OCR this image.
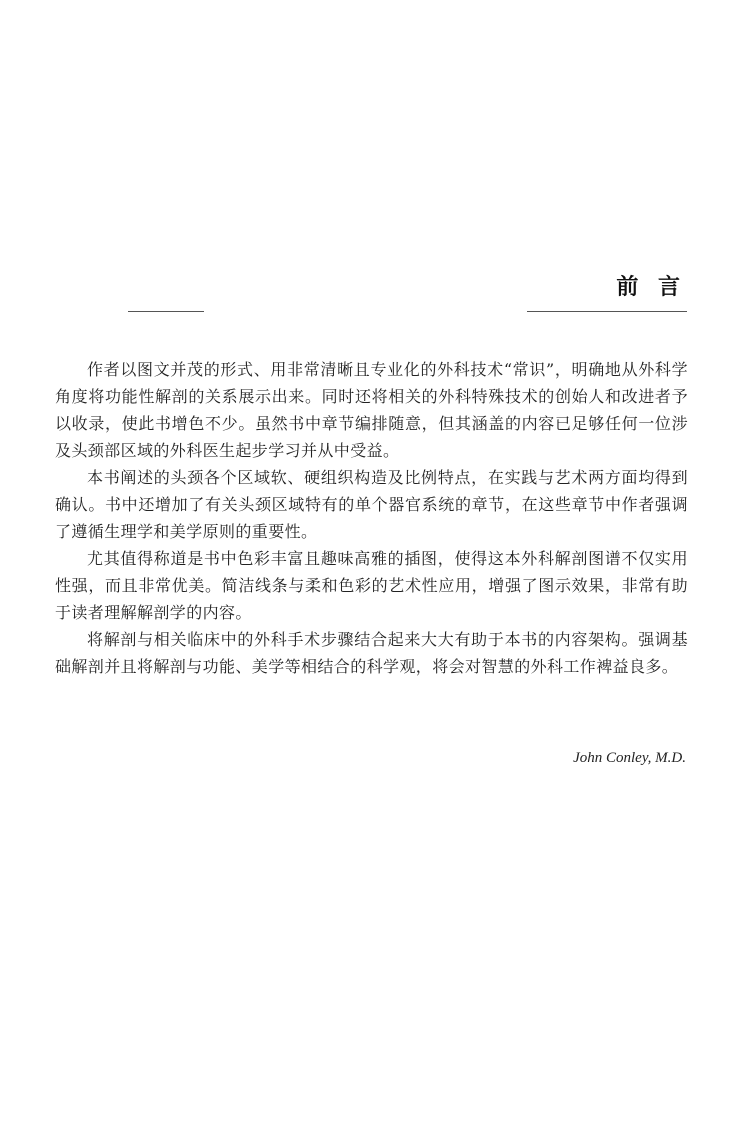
前 言

作者以图文并茂的形式、用非常清晰且专业化的外科技术“常识”，明确地从外科学角度将功能性解剖的关系展示出来。同时还将相关的外科特殊技术的创始人和改进者予以收录，使此书增色不少。虽然书中章节编排随意，但其涵盖的内容已足够任何一位涉及头颈部区域的外科医生起步学习并从中受益。

本书阐述的头颈各个区域软、硬组织构造及比例特点，在实践与艺术两方面均得到确认。书中还增加了有关头颈区域特有的单个器官系统的章节，在这些章节中作者强调了遵循生理学和美学原则的重要性。

尤其值得称道是书中色彩丰富且趣味高雅的插图，使得这本外科解剖图谱不仅实用性强，而且非常优美。简洁线条与柔和色彩的艺术性应用，增强了图示效果，非常有助于读者理解解剖学的内容。

将解剖与相关临床中的外科手术步骤结合起来大大有助于本书的内容架构。强调基础解剖并且将解剖与功能、美学等相结合的科学观，将会对智慧的外科工作裨益良多。

John Conley, M.D.
